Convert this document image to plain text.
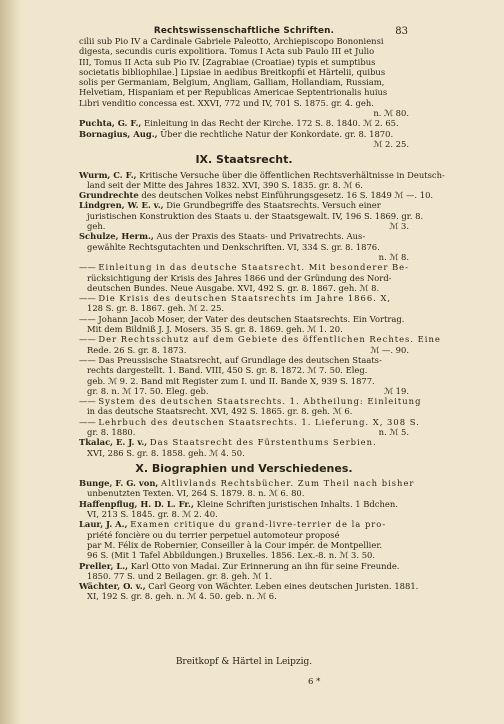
Rechtswissenschaftliche Schriften.	83
cilii sub Pio IV a Cardinale Gabriele Paleotto, Archiepiscopo Bononiensi
digesta, secundis curis expolitiora. Tomus I Acta sub Paulo III et Julio
III, Tomus II Acta sub Pio IV. [Zagrabiae (Croatiae) typis et sumptibus
societatis bibliophilae.] Lipsiae in aedibus Breitkopfii et Härtelii, quibus
solis per Germaniam, Belgium, Angliam, Galliam, Hollandiam, Russiam,
Helvetiam, Hispaniam et per Republicas Americae Septentrionalis huius
Libri venditio concessa est. XXVI, 772 und IV, 701 S. 1875. gr. 4. geh.
n. ℳ 80.
Puchta, G. F., Einleitung in das Recht der Kirche. 172 S. 8. 1840. ℳ 2. 65.
Bornagius, Aug., Über die rechtliche Natur der Konkordate. gr. 8. 1870.
ℳ 2. 25.
IX. Staatsrecht.
Wurm, C. F., Kritische Versuche über die öffentlichen Rechtsverhältnisse in Deutsch-
land seit der Mitte des Jahres 1832. XVI, 390 S. 1835. gr. 8. ℳ 6.
Grundrechte des deutschen Volkes nebst Einführungsgesetz. 16 S. 1849 ℳ —. 10.
Lindgren, W. E. v., Die Grundbegriffe des Staatsrechts. Versuch einer
juristischen Konstruktion des Staats u. der Staatsgewalt. IV, 196 S. 1869. gr. 8.
geh.	ℳ 3.
Schulze, Herm., Aus der Praxis des Staats- und Privatrechts. Aus-
gewählte Rechtsgutachten und Denkschriften. VI, 334 S. gr. 8. 1876.
n. ℳ 8.
—— Einleitung in das deutsche Staatsrecht. Mit besonderer Be-
rücksichtigung der Krisis des Jahres 1866 und der Gründung des Nord-
deutschen Bundes. Neue Ausgabe. XVI, 492 S. gr. 8. 1867. geh. ℳ 8.
—— Die Krisis des deutschen Staatsrechts im Jahre 1866. X,
128 S. gr. 8. 1867. geh. ℳ 2. 25.
—— Johann Jacob Moser, der Vater des deutschen Staatsrechts. Ein Vortrag.
Mit dem Bildniß J. J. Mosers. 35 S. gr. 8. 1869. geh. ℳ 1. 20.
—— Der Rechtsschutz auf dem Gebiete des öffentlichen Rechtes. Eine
Rede. 26 S. gr. 8. 1873.	ℳ —. 90.
—— Das Preussische Staatsrecht, auf Grundlage des deutschen Staats-
rechts dargestellt. 1. Band. VIII, 450 S. gr. 8. 1872. ℳ 7. 50. Eleg.
geb. ℳ 9. 2. Band mit Register zum I. und II. Bande X, 939 S. 1877.
gr. 8. n. ℳ 17. 50. Eleg. geb.	ℳ 19.
—— System des deutschen Staatsrechts. 1. Abtheilung: Einleitung
in das deutsche Staatsrecht. XVI, 492 S. 1865. gr. 8. geh. ℳ 6.
—— Lehrbuch des deutschen Staatsrechts. 1. Lieferung. X, 308 S.
gr. 8. 1880.	n. ℳ 5.
Tkalac, E. J. v., Das Staatsrecht des Fürstenthums Serbien.
XVI, 286 S. gr. 8. 1858. geh. ℳ 4. 50.
X. Biographien und Verschiedenes.
Bunge, F. G. von, Altlivlands Rechtsbücher. Zum Theil nach bisher
unbenutzten Texten. VI, 264 S. 1879. 8. n. ℳ 6. 80.
Haffenpflug, H. D. L. Fr., Kleine Schriften juristischen Inhalts. 1 Bdchen.
VI, 213 S. 1845. gr. 8. ℳ 2. 40.
Laur, J. A., Examen critique du grand-livre-terrier de la pro-
priété foncière ou du terrier perpetuel automoteur proposé
par M. Félix de Robernier, Conseiller à la Cour impér. de Montpellier.
96 S. (Mit 1 Tafel Abbildungen.) Bruxelles. 1856. Lex.-8. n. ℳ 3. 50.
Preller, L., Karl Otto von Madai. Zur Erinnerung an ihn für seine Freunde.
1850. 77 S. und 2 Beilagen. gr. 8. geh. ℳ 1.
Wächter, O. v., Carl Georg von Wächter. Leben eines deutschen Juristen. 1881.
XI, 192 S. gr. 8. geh. n. ℳ 4. 50. geb. n. ℳ 6.
Breitkopf & Härtel in Leipzig.
6 *
